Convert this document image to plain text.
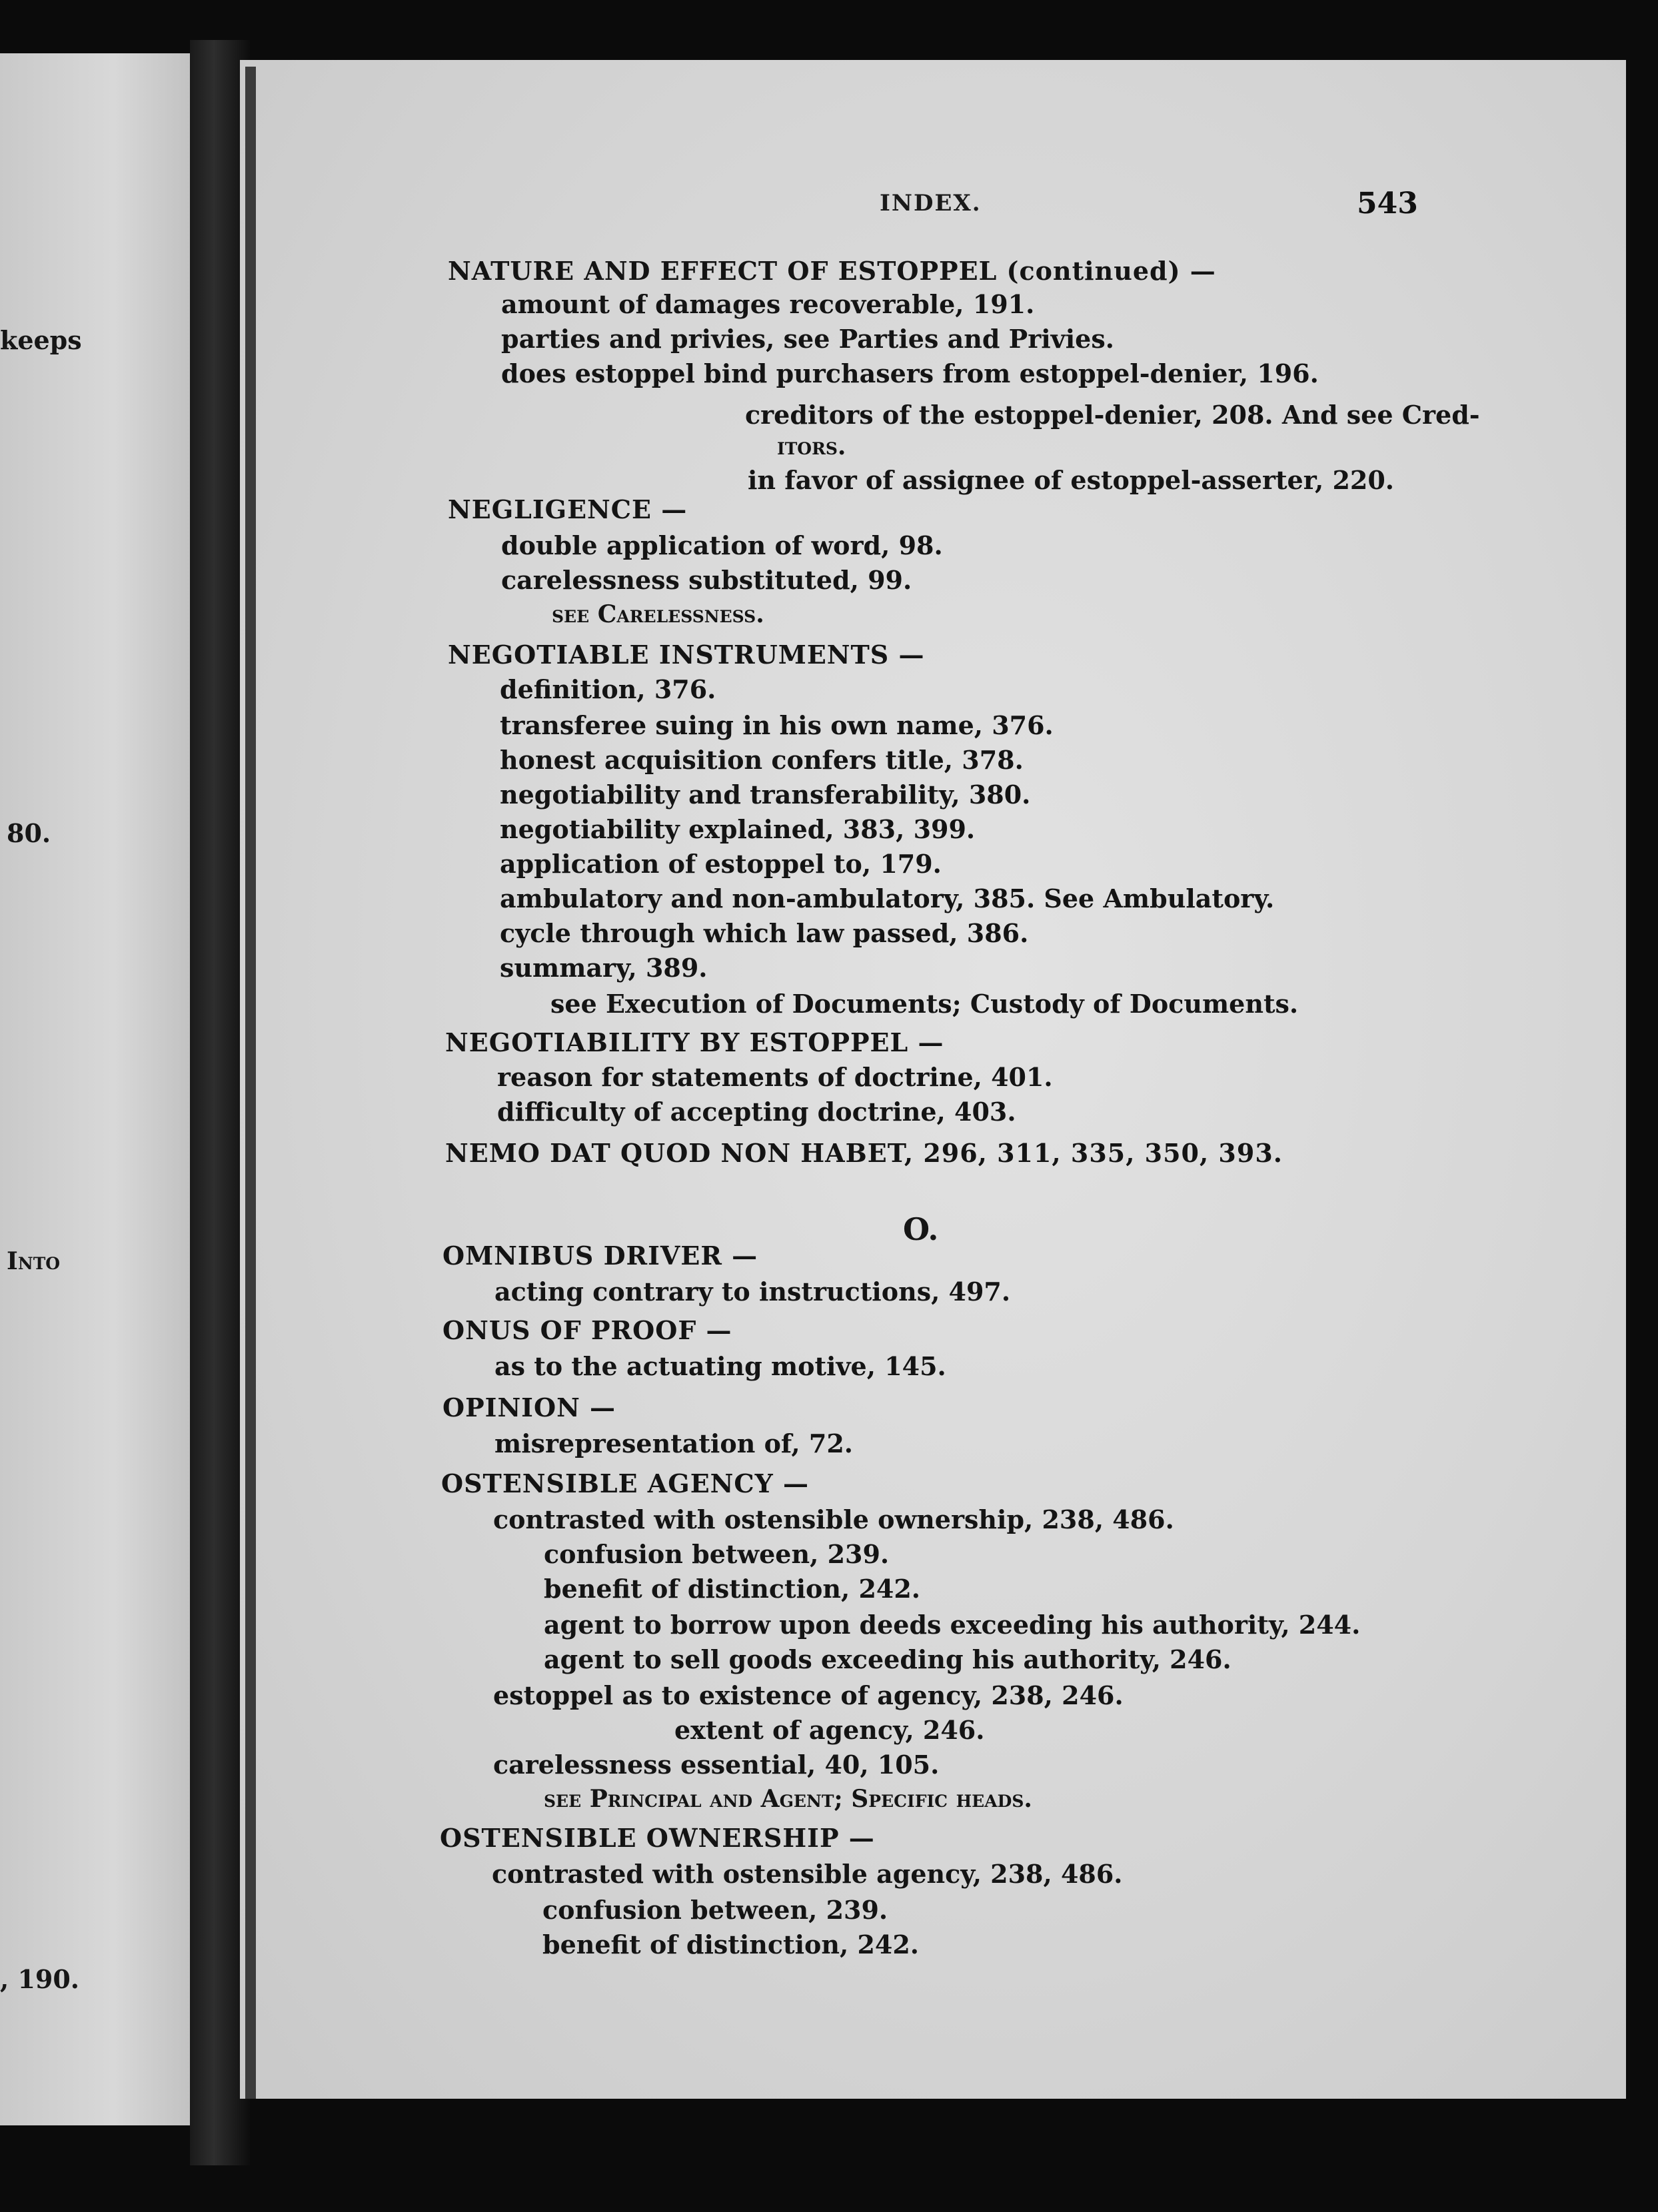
keeps
80.
Into
, 190.
INDEX.	543
NATURE AND EFFECT OF ESTOPPEL (continued) —
amount of damages recoverable, 191.
parties and privies, see Parties and Privies.
does estoppel bind purchasers from estoppel-denier, 196.
creditors of the estoppel-denier, 208. And see Cred-
itors.
in favor of assignee of estoppel-asserter, 220.
NEGLIGENCE —
double application of word, 98.
carelessness substituted, 99.
see Carelessness.
NEGOTIABLE INSTRUMENTS —
definition, 376.
transferee suing in his own name, 376.
honest acquisition confers title, 378.
negotiability and transferability, 380.
negotiability explained, 383, 399.
application of estoppel to, 179.
ambulatory and non-ambulatory, 385. See Ambulatory.
cycle through which law passed, 386.
summary, 389.
see Execution of Documents; Custody of Documents.
NEGOTIABILITY BY ESTOPPEL —
reason for statements of doctrine, 401.
difficulty of accepting doctrine, 403.
NEMO DAT QUOD NON HABET, 296, 311, 335, 350, 393.
O.
OMNIBUS DRIVER —
acting contrary to instructions, 497.
ONUS OF PROOF —
as to the actuating motive, 145.
OPINION —
misrepresentation of, 72.
OSTENSIBLE AGENCY —
contrasted with ostensible ownership, 238, 486.
confusion between, 239.
benefit of distinction, 242.
agent to borrow upon deeds exceeding his authority, 244.
agent to sell goods exceeding his authority, 246.
estoppel as to existence of agency, 238, 246.
extent of agency, 246.
carelessness essential, 40, 105.
see Principal and Agent; Specific heads.
OSTENSIBLE OWNERSHIP —
contrasted with ostensible agency, 238, 486.
confusion between, 239.
benefit of distinction, 242.
